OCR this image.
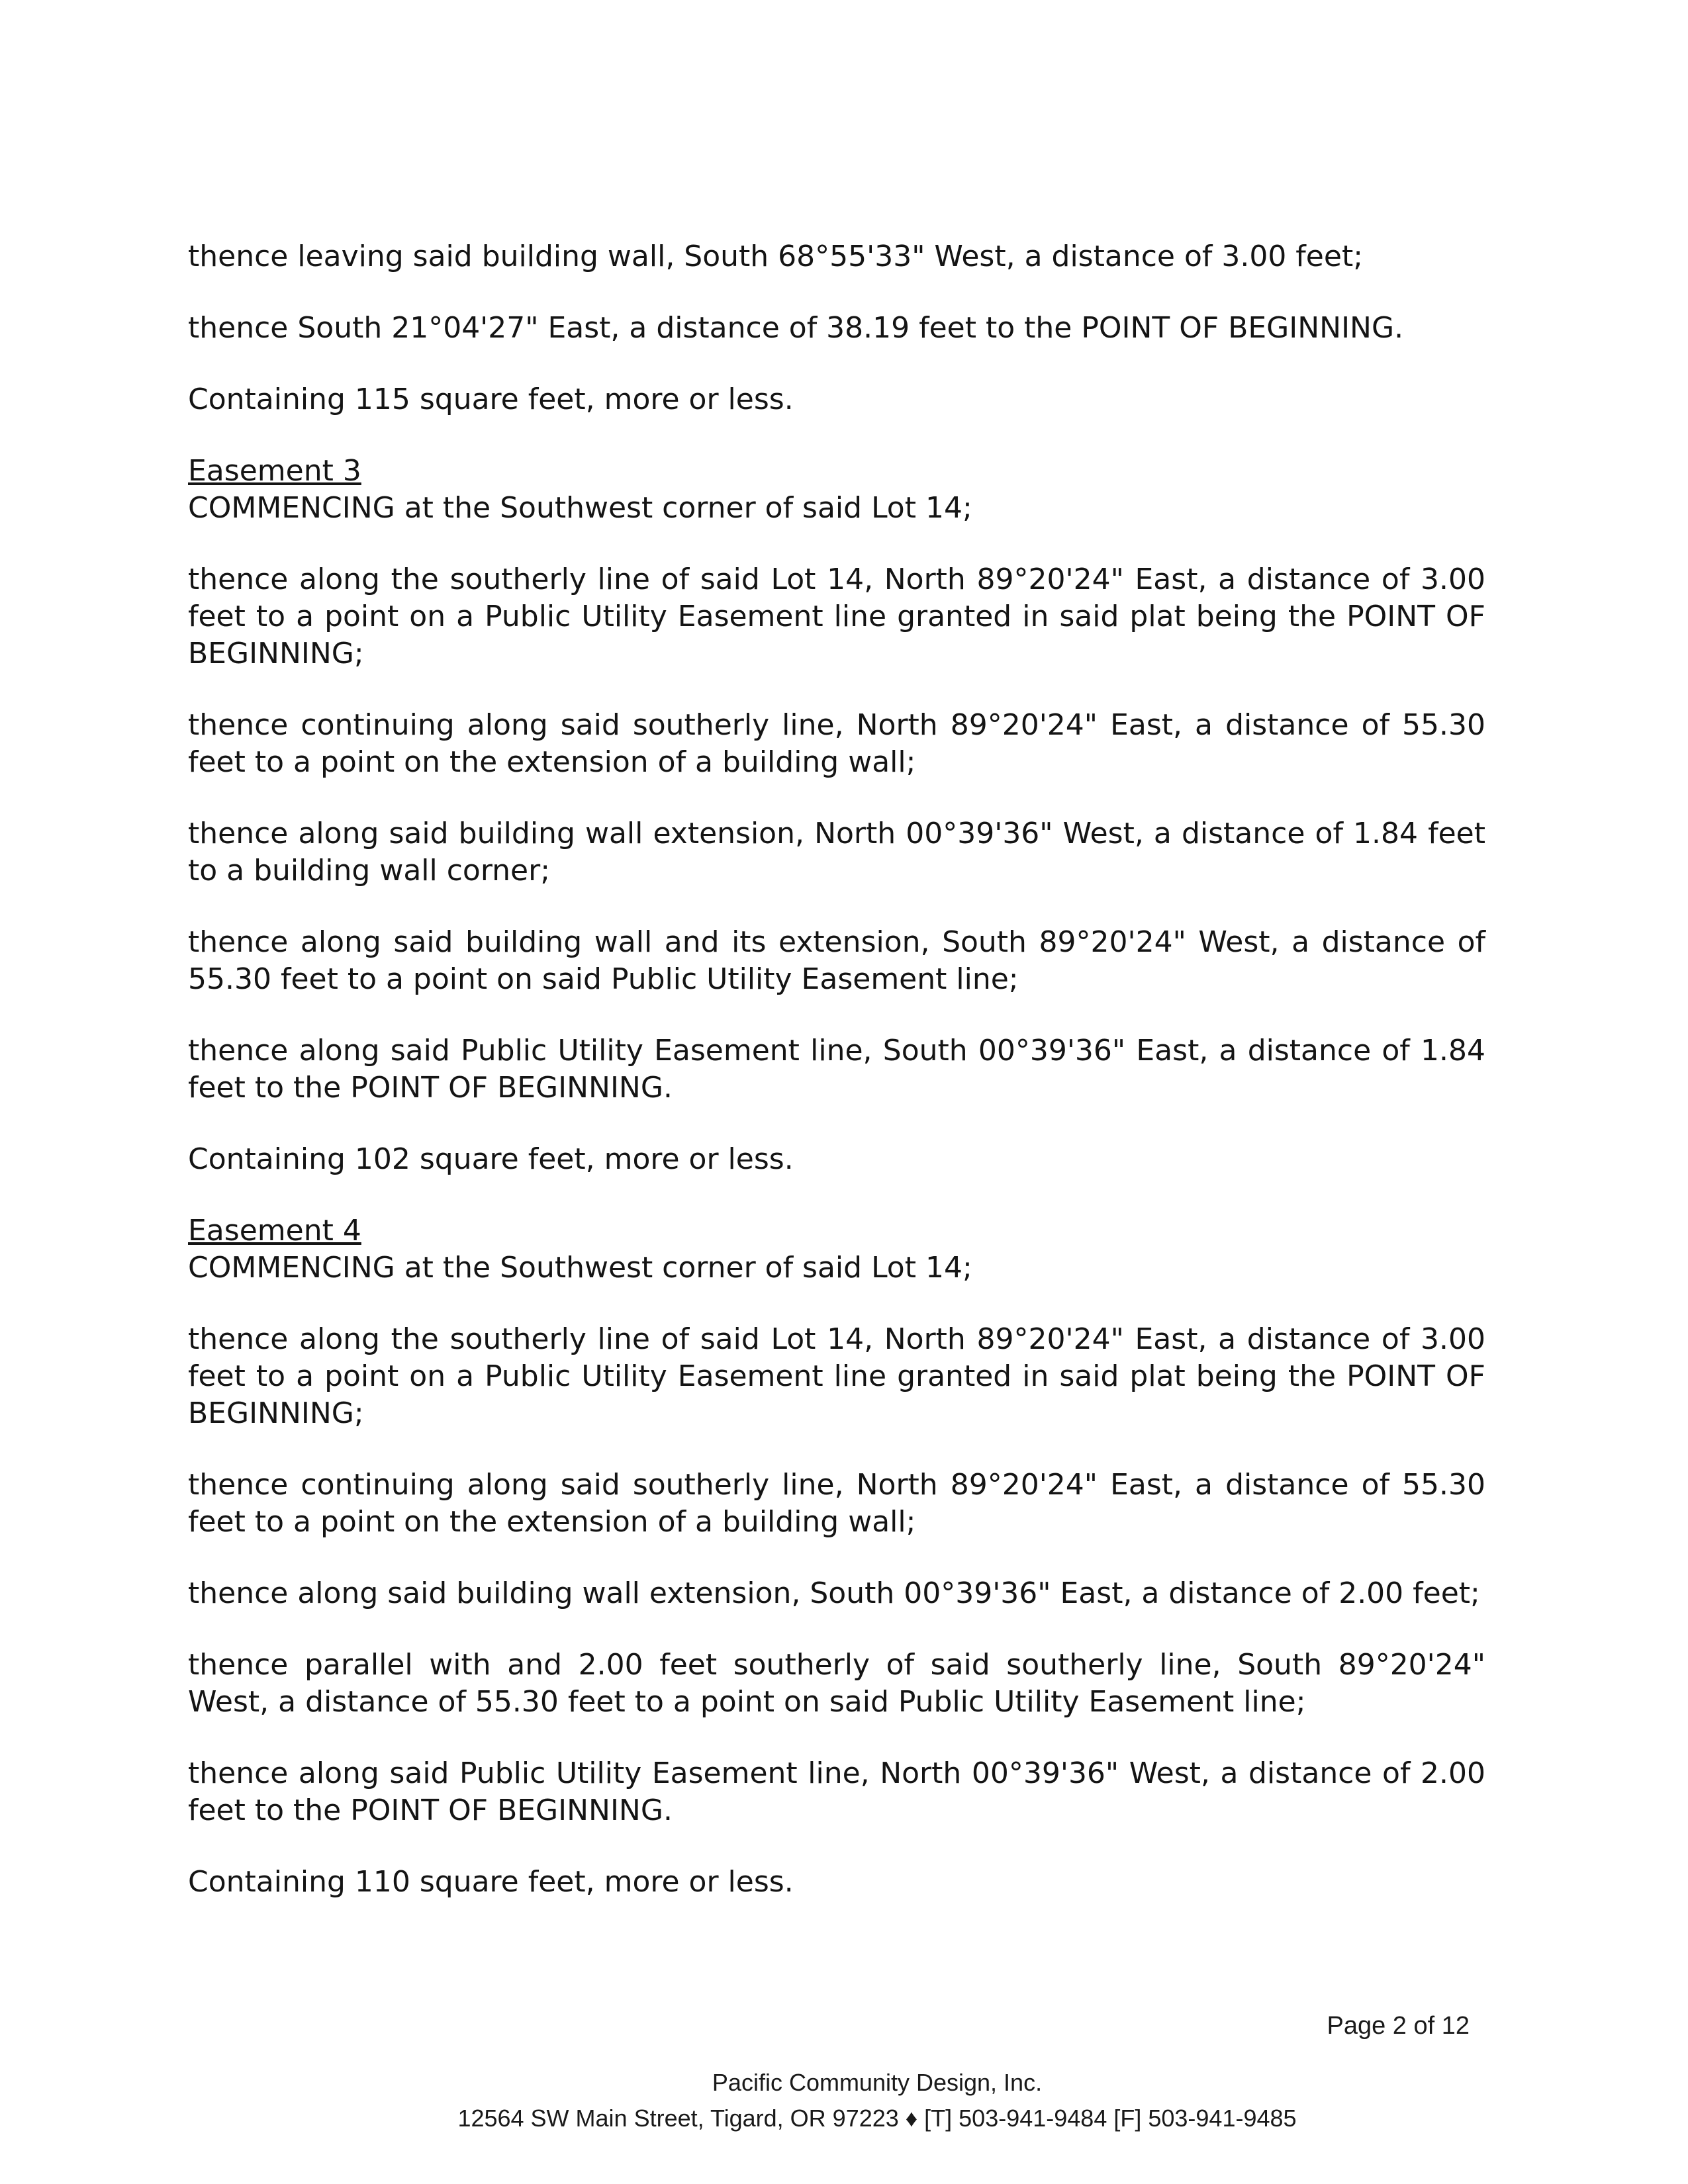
thence leaving said building wall, South 68°55'33" West, a distance of 3.00 feet;

thence South 21°04'27" East, a distance of 38.19 feet to the POINT OF BEGINNING.

Containing 115 square feet, more or less.

Easement 3

COMMENCING at the Southwest corner of said Lot 14;

thence along the southerly line of said Lot 14, North 89°20'24" East, a distance of 3.00 feet to a point on a Public Utility Easement line granted in said plat being the POINT OF BEGINNING;

thence continuing along said southerly line, North 89°20'24" East, a distance of 55.30 feet to a point on the extension of a building wall;

thence along said building wall extension, North 00°39'36" West, a distance of 1.84 feet to a building wall corner;

thence along said building wall and its extension, South 89°20'24" West, a distance of 55.30 feet to a point on said Public Utility Easement line;

thence along said Public Utility Easement line, South 00°39'36" East, a distance of 1.84 feet to the POINT OF BEGINNING.

Containing 102 square feet, more or less.

Easement 4

COMMENCING at the Southwest corner of said Lot 14;

thence along the southerly line of said Lot 14, North 89°20'24" East, a distance of 3.00 feet to a point on a Public Utility Easement line granted in said plat being the POINT OF BEGINNING;

thence continuing along said southerly line, North 89°20'24" East, a distance of 55.30 feet to a point on the extension of a building wall;

thence along said building wall extension, South 00°39'36" East, a distance of 2.00 feet;

thence parallel with and 2.00 feet southerly of said southerly line, South 89°20'24" West, a distance of 55.30 feet to a point on said Public Utility Easement line;

thence along said Public Utility Easement line, North 00°39'36" West, a distance of 2.00 feet to the POINT OF BEGINNING.

Containing 110 square feet, more or less.

Page 2 of 12
Pacific Community Design, Inc.
12564 SW Main Street, Tigard, OR 97223 ♦ [T] 503-941-9484 [F] 503-941-9485
